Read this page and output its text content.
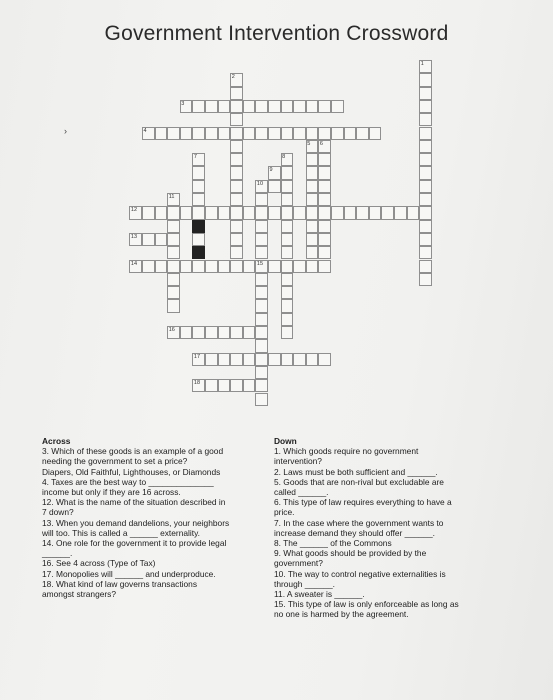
Government Intervention Crossword
›
1
2
3
4
5 6
7	8
9
10
11
12
13
14	15
16
17
18
Across
3. Which of these goods is an example of a good
needing the government to set a price?
Diapers, Old Faithful, Lighthouses, or Diamonds
4. Taxes are the best way to ______________
income but only if they are 16 across.
12. What is the name of the situation described in
7 down?
13. When you demand dandelions, your neighbors
will too. This is called a ______ externality.
14. One role for the government it to provide legal
______.
16. See 4 across (Type of Tax)
17. Monopolies will ______ and underproduce.
18. What kind of law governs transactions
amongst strangers?
Down
1. Which goods require no government
intervention?
2. Laws must be both sufficient and ______.
5. Goods that are non-rival but excludable are
called ______.
6. This type of law requires everything to have a
price.
7. In the case where the government wants to
increase demand they should offer ______.
8. The ______ of the Commons
9. What goods should be provided by the
government?
10. The way to control negative externalities is
through ______.
11. A sweater is ______.
15. This type of law is only enforceable as long as
no one is harmed by the agreement.
